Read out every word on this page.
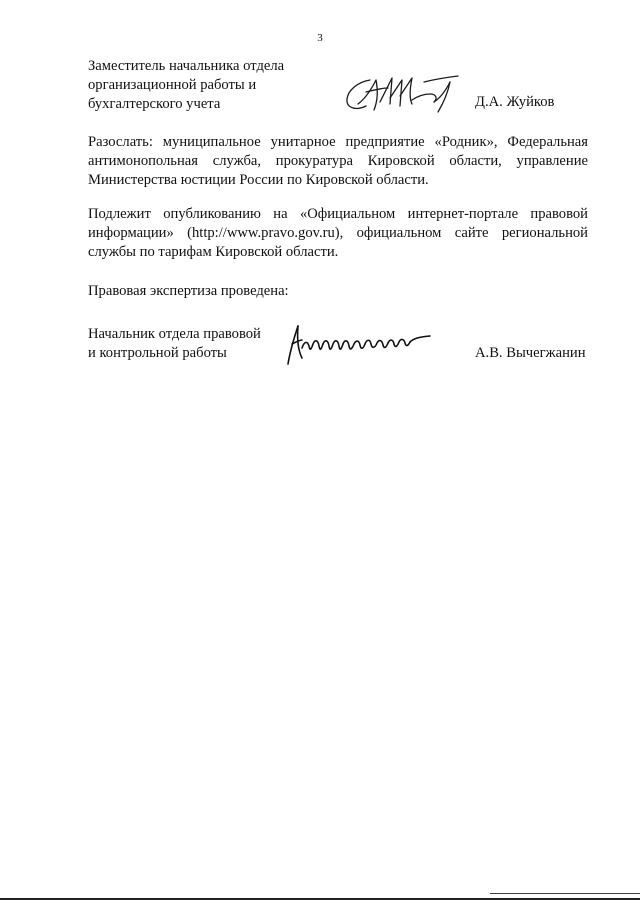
3
Заместитель начальника отдела
организационной работы и
бухгалтерского учета	Д.А. Жуйков
Разослать: муниципальное унитарное предприятие «Родник», Федеральная
антимонопольная служба, прокуратура Кировской области, управление
Министерства юстиции России по Кировской области.
Подлежит опубликованию на «Официальном интернет-портале правовой
информации» (http://www.pravo.gov.ru), официальном сайте региональной
службы по тарифам Кировской области.
Правовая экспертиза проведена:
Начальник отдела правовой
и контрольной работы	А.В. Вычегжанин
